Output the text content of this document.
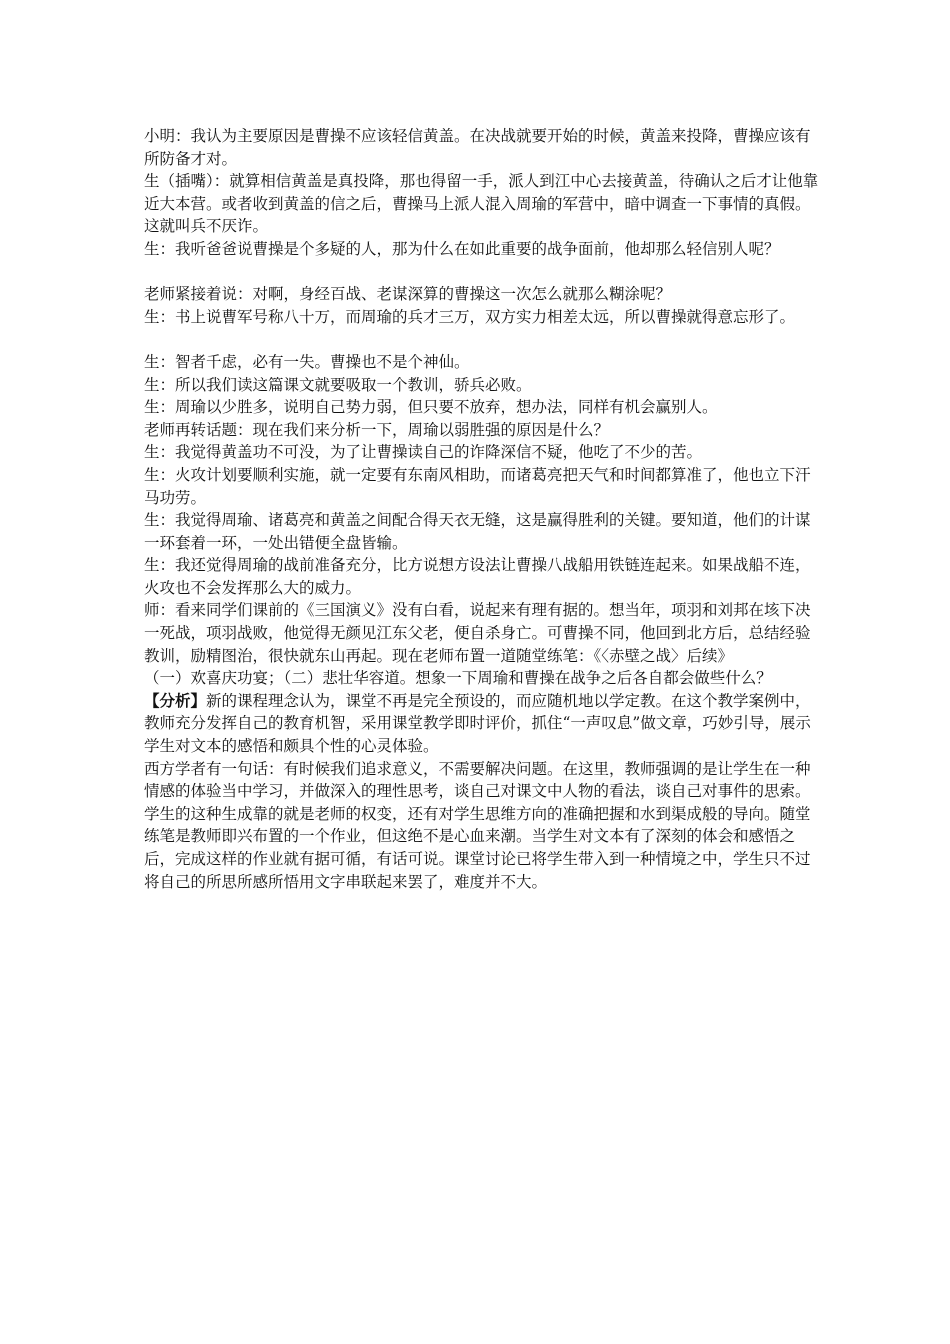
小明：我认为主要原因是曹操不应该轻信黄盖。在决战就要开始的时候，黄盖来投降，曹操应该有所防备才对。

生（插嘴）：就算相信黄盖是真投降，那也得留一手，派人到江中心去接黄盖，待确认之后才让他靠近大本营。或者收到黄盖的信之后，曹操马上派人混入周瑜的军营中，暗中调查一下事情的真假。这就叫兵不厌诈。

生：我听爸爸说曹操是个多疑的人，那为什么在如此重要的战争面前，他却那么轻信别人呢？

老师紧接着说：对啊，身经百战、老谋深算的曹操这一次怎么就那么糊涂呢？

生：书上说曹军号称八十万，而周瑜的兵才三万，双方实力相差太远，所以曹操就得意忘形了。

生：智者千虑，必有一失。曹操也不是个神仙。

生：所以我们读这篇课文就要吸取一个教训，骄兵必败。

生：周瑜以少胜多，说明自己势力弱，但只要不放弃，想办法，同样有机会赢别人。

老师再转话题：现在我们来分析一下，周瑜以弱胜强的原因是什么？

生：我觉得黄盖功不可没，为了让曹操读自己的诈降深信不疑，他吃了不少的苦。

生：火攻计划要顺利实施，就一定要有东南风相助，而诸葛亮把天气和时间都算准了，他也立下汗马功劳。

生：我觉得周瑜、诸葛亮和黄盖之间配合得天衣无缝，这是赢得胜利的关键。要知道，他们的计谋一环套着一环，一处出错便全盘皆输。

生：我还觉得周瑜的战前准备充分，比方说想方设法让曹操八战船用铁链连起来。如果战船不连，火攻也不会发挥那么大的威力。

师：看来同学们课前的《三国演义》没有白看，说起来有理有据的。想当年，项羽和刘邦在垓下决一死战，项羽战败，他觉得无颜见江东父老，便自杀身亡。可曹操不同，他回到北方后，总结经验教训，励精图治，很快就东山再起。现在老师布置一道随堂练笔：《〈赤壁之战〉后续》

（一）欢喜庆功宴；（二）悲壮华容道。想象一下周瑜和曹操在战争之后各自都会做些什么？

【分析】新的课程理念认为，课堂不再是完全预设的，而应随机地以学定教。在这个教学案例中，教师充分发挥自己的教育机智，采用课堂教学即时评价，抓住“一声叹息”做文章，巧妙引导，展示学生对文本的感悟和颇具个性的心灵体验。

西方学者有一句话：有时候我们追求意义，不需要解决问题。在这里，教师强调的是让学生在一种情感的体验当中学习，并做深入的理性思考，谈自己对课文中人物的看法，谈自己对事件的思索。学生的这种生成靠的就是老师的权变，还有对学生思维方向的准确把握和水到渠成般的导向。随堂练笔是教师即兴布置的一个作业，但这绝不是心血来潮。当学生对文本有了深刻的体会和感悟之后，完成这样的作业就有据可循，有话可说。课堂讨论已将学生带入到一种情境之中，学生只不过将自己的所思所感所悟用文字串联起来罢了，难度并不大。
